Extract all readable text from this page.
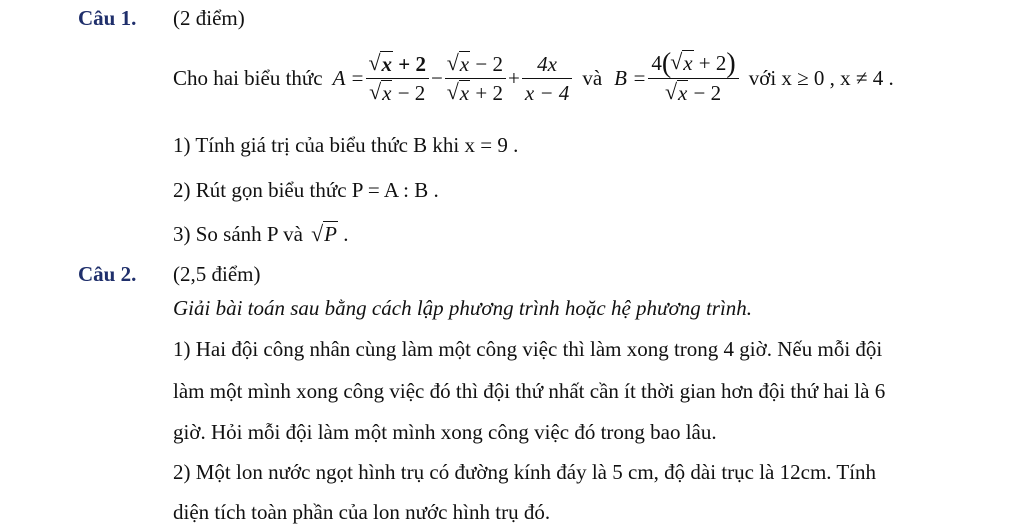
Câu 1. (2 điểm)
Cho hai biểu thức A = √ x + 2
√ x − 2 − √ x − 2
√ $x + 2 + \frac{4x}{x - 4}$ và B = 4( √ x + 2)
√ x − 2 với x ≥ 0 , x ≠ 4 .
1) Tính giá trị của biểu thức B khi x = 9 .
2) Rút gọn biểu thức P = A : B .
3) So sánh P và √ P .
Câu 2. (2,5 điểm)
Giải bài toán sau bằng cách lập phương trình hoặc hệ phương trình.
1) Hai đội công nhân cùng làm một công việc thì làm xong trong 4 giờ. Nếu mỗi đội
làm một mình xong công việc đó thì đội thứ nhất cần ít thời gian hơn đội thứ hai là 6
giờ. Hỏi mỗi đội làm một mình xong công việc đó trong bao lâu.
2) Một lon nước ngọt hình trụ có đường kính đáy là 5 cm, độ dài trục là 12cm. Tính
diện tích toàn phần của lon nước hình trụ đó.
